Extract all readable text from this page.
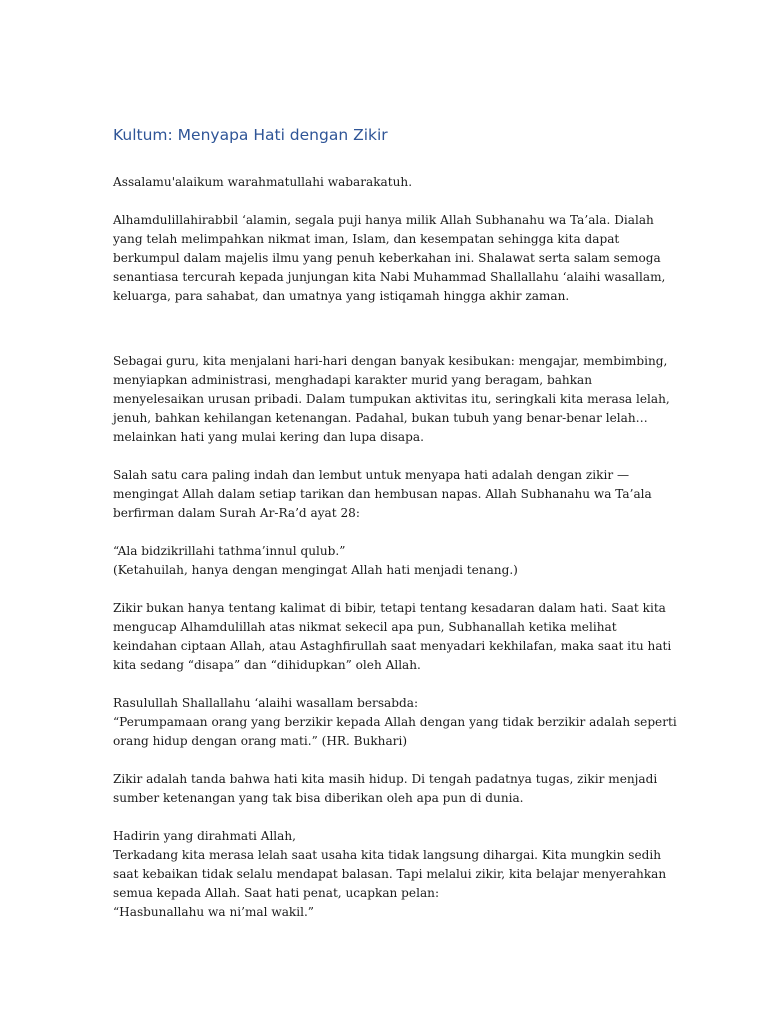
Kultum: Menyapa Hati dengan Zikir
Assalamu'alaikum warahmatullahi wabarakatuh.
Alhamdulillahirabbil ‘alamin, segala puji hanya milik Allah Subhanahu wa Ta’ala. Dialah
yang telah melimpahkan nikmat iman, Islam, dan kesempatan sehingga kita dapat
berkumpul dalam majelis ilmu yang penuh keberkahan ini. Shalawat serta salam semoga
senantiasa tercurah kepada junjungan kita Nabi Muhammad Shallallahu ‘alaihi wasallam,
keluarga, para sahabat, dan umatnya yang istiqamah hingga akhir zaman.
Sebagai guru, kita menjalani hari-hari dengan banyak kesibukan: mengajar, membimbing,
menyiapkan administrasi, menghadapi karakter murid yang beragam, bahkan
menyelesaikan urusan pribadi. Dalam tumpukan aktivitas itu, seringkali kita merasa lelah,
jenuh, bahkan kehilangan ketenangan. Padahal, bukan tubuh yang benar-benar lelah…
melainkan hati yang mulai kering dan lupa disapa.
Salah satu cara paling indah dan lembut untuk menyapa hati adalah dengan zikir —
mengingat Allah dalam setiap tarikan dan hembusan napas. Allah Subhanahu wa Ta’ala
berfirman dalam Surah Ar-Ra’d ayat 28:
“Ala bidzikrillahi tathma’innul qulub.”
(Ketahuilah, hanya dengan mengingat Allah hati menjadi tenang.)
Zikir bukan hanya tentang kalimat di bibir, tetapi tentang kesadaran dalam hati. Saat kita
mengucap Alhamdulillah atas nikmat sekecil apa pun, Subhanallah ketika melihat
keindahan ciptaan Allah, atau Astaghfirullah saat menyadari kekhilafan, maka saat itu hati
kita sedang “disapa” dan “dihidupkan” oleh Allah.
Rasulullah Shallallahu ‘alaihi wasallam bersabda:
“Perumpamaan orang yang berzikir kepada Allah dengan yang tidak berzikir adalah seperti
orang hidup dengan orang mati.” (HR. Bukhari)
Zikir adalah tanda bahwa hati kita masih hidup. Di tengah padatnya tugas, zikir menjadi
sumber ketenangan yang tak bisa diberikan oleh apa pun di dunia.
Hadirin yang dirahmati Allah,
Terkadang kita merasa lelah saat usaha kita tidak langsung dihargai. Kita mungkin sedih
saat kebaikan tidak selalu mendapat balasan. Tapi melalui zikir, kita belajar menyerahkan
semua kepada Allah. Saat hati penat, ucapkan pelan:
“Hasbunallahu wa ni’mal wakil.”
